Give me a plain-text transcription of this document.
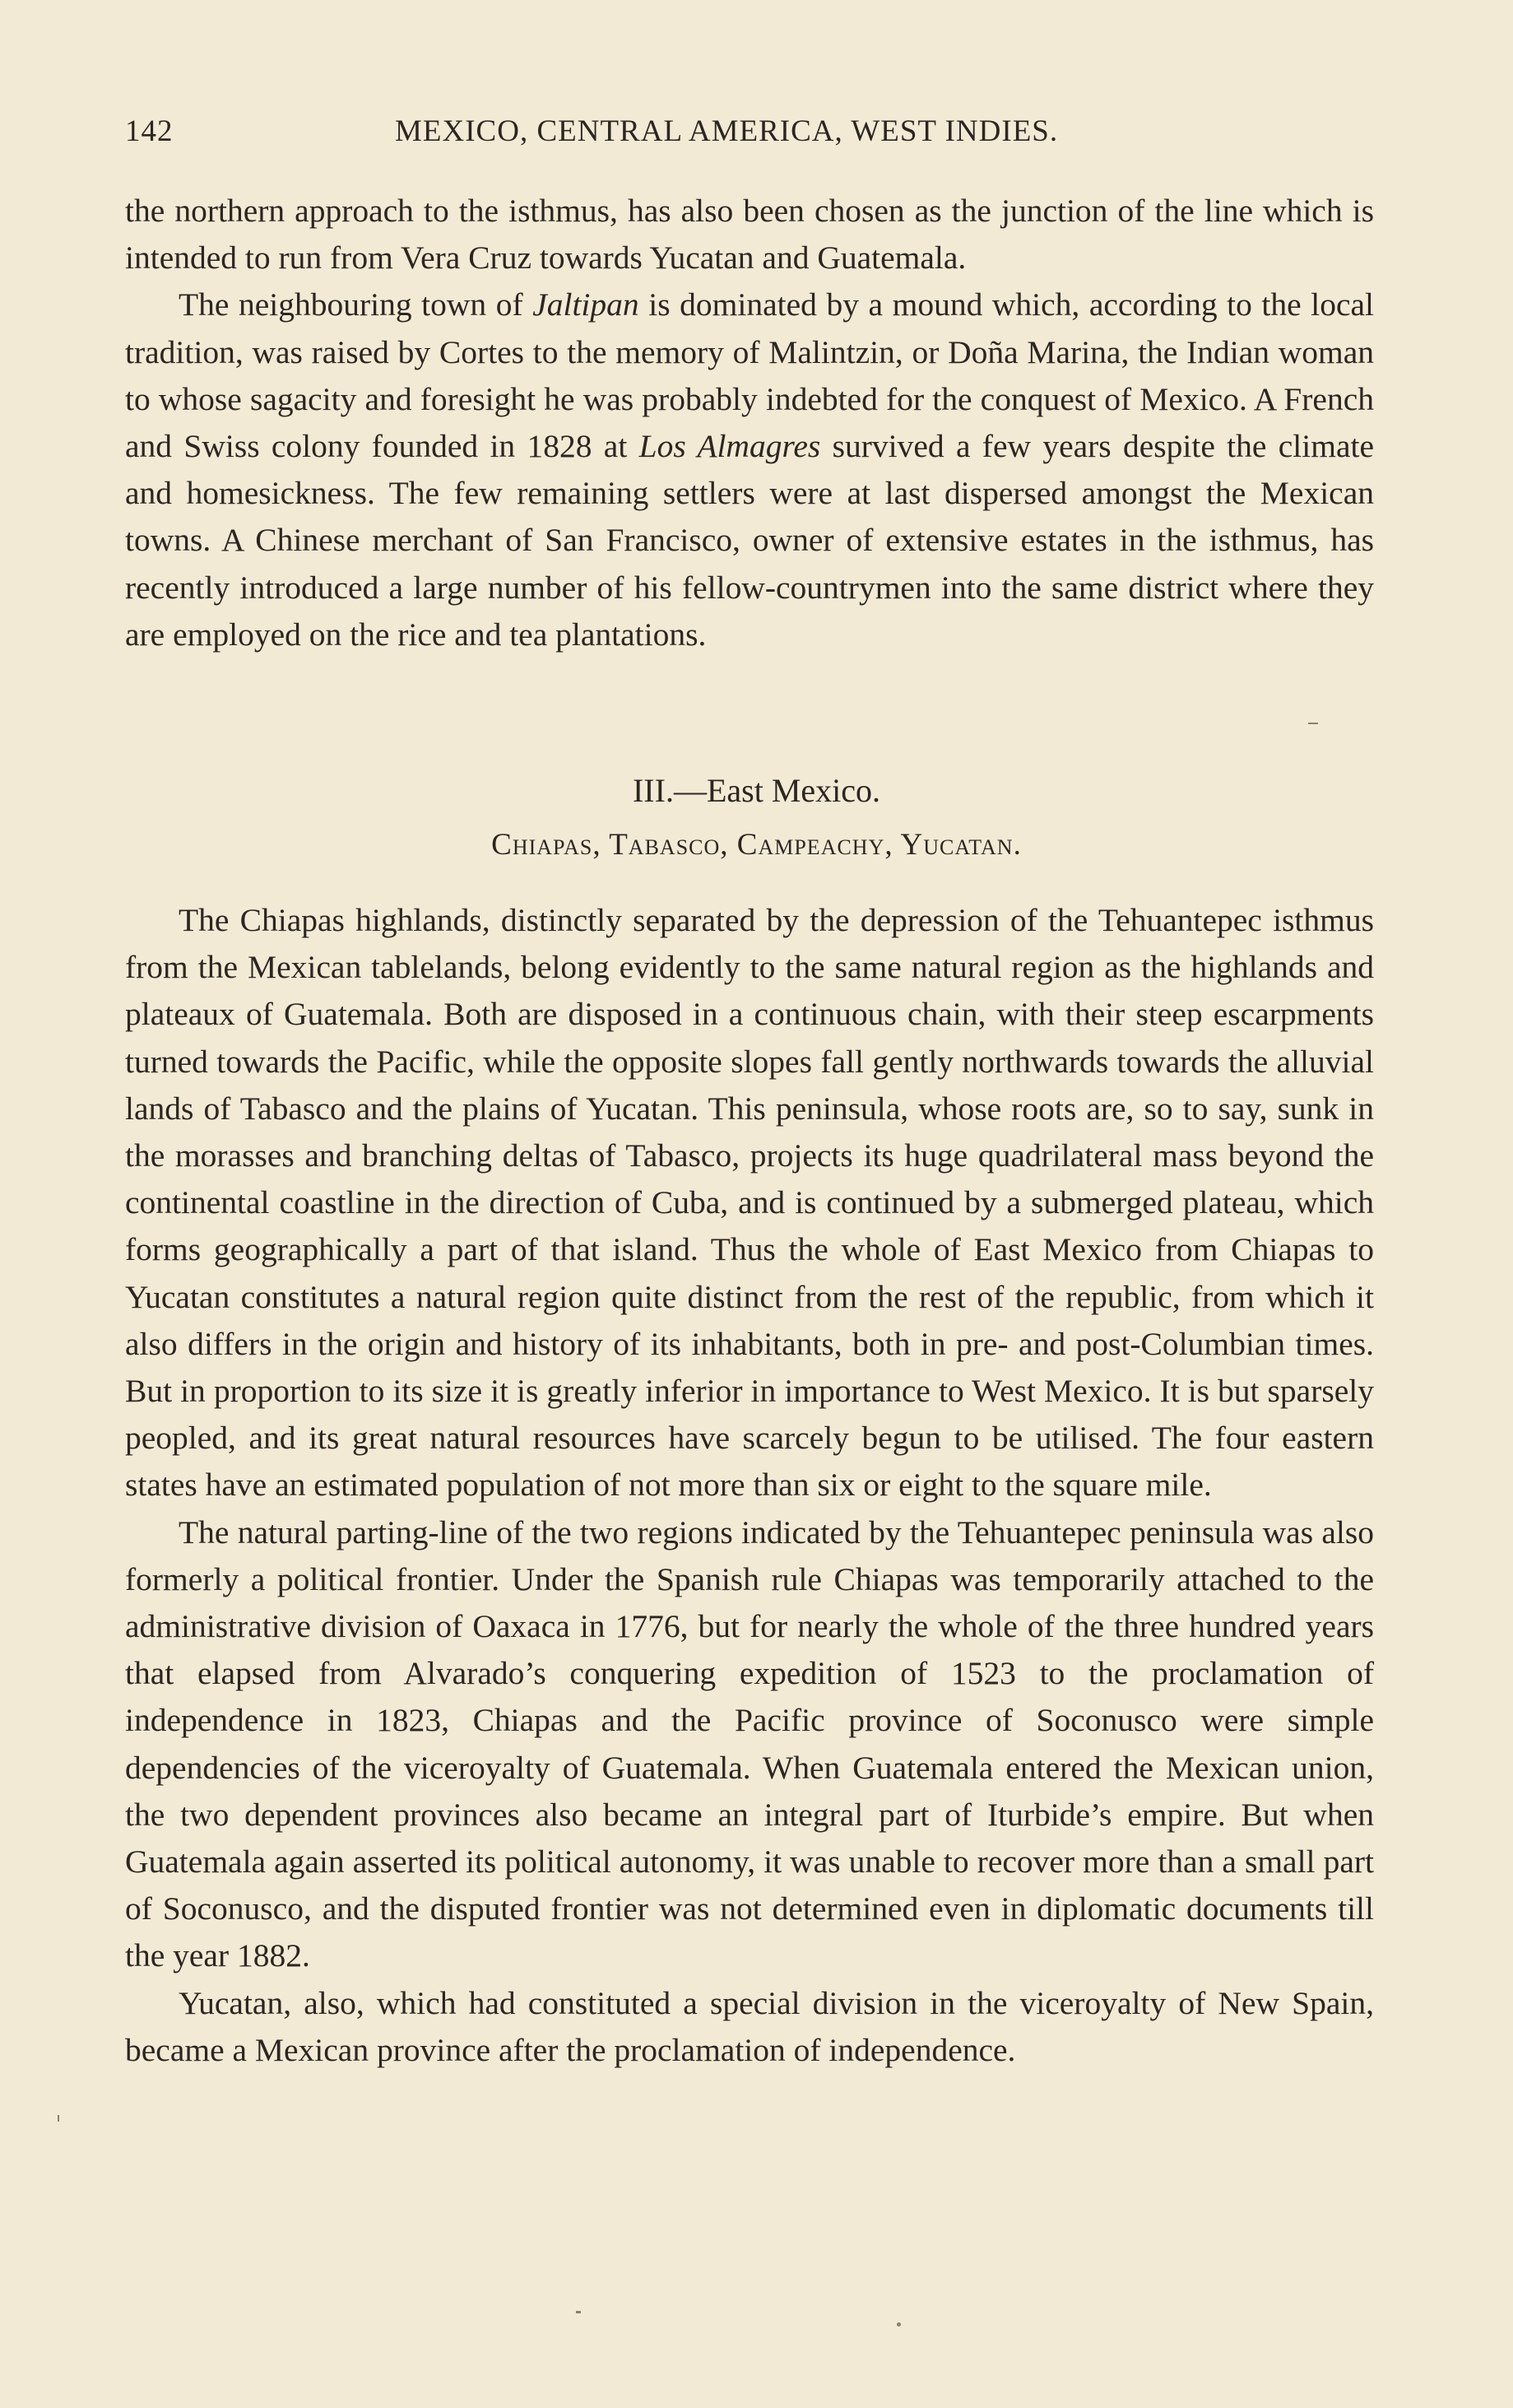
142	MEXICO, CENTRAL AMERICA, WEST INDIES.

the northern approach to the isthmus, has also been chosen as the junction of the line which is intended to run from Vera Cruz towards Yucatan and Guatemala.

The neighbouring town of Jaltipan is dominated by a mound which, according to the local tradition, was raised by Cortes to the memory of Malintzin, or Doña Marina, the Indian woman to whose sagacity and foresight he was probably indebted for the conquest of Mexico. A French and Swiss colony founded in 1828 at Los Almagres survived a few years despite the climate and homesickness. The few remaining settlers were at last dispersed amongst the Mexican towns. A Chinese merchant of San Francisco, owner of extensive estates in the isthmus, has recently introduced a large number of his fellow-countrymen into the same district where they are employed on the rice and tea plantations.

III.—East Mexico.
Chiapas, Tabasco, Campeachy, Yucatan.

The Chiapas highlands, distinctly separated by the depression of the Tehuantepec isthmus from the Mexican tablelands, belong evidently to the same natural region as the highlands and plateaux of Guatemala. Both are disposed in a continuous chain, with their steep escarpments turned towards the Pacific, while the opposite slopes fall gently northwards towards the alluvial lands of Tabasco and the plains of Yucatan. This peninsula, whose roots are, so to say, sunk in the morasses and branching deltas of Tabasco, projects its huge quadrilateral mass beyond the continental coastline in the direction of Cuba, and is continued by a submerged plateau, which forms geographically a part of that island. Thus the whole of East Mexico from Chiapas to Yucatan constitutes a natural region quite distinct from the rest of the republic, from which it also differs in the origin and history of its inhabitants, both in pre- and post-Columbian times. But in proportion to its size it is greatly inferior in importance to West Mexico. It is but sparsely peopled, and its great natural resources have scarcely begun to be utilised. The four eastern states have an estimated population of not more than six or eight to the square mile.

The natural parting-line of the two regions indicated by the Tehuantepec peninsula was also formerly a political frontier. Under the Spanish rule Chiapas was temporarily attached to the administrative division of Oaxaca in 1776, but for nearly the whole of the three hundred years that elapsed from Alvarado’s conquering expedition of 1523 to the proclamation of independence in 1823, Chiapas and the Pacific province of Soconusco were simple dependencies of the viceroyalty of Guatemala. When Guatemala entered the Mexican union, the two dependent provinces also became an integral part of Iturbide’s empire. But when Guatemala again asserted its political autonomy, it was unable to recover more than a small part of Soconusco, and the disputed frontier was not determined even in diplomatic documents till the year 1882.

Yucatan, also, which had constituted a special division in the viceroyalty of New Spain, became a Mexican province after the proclamation of independence.
